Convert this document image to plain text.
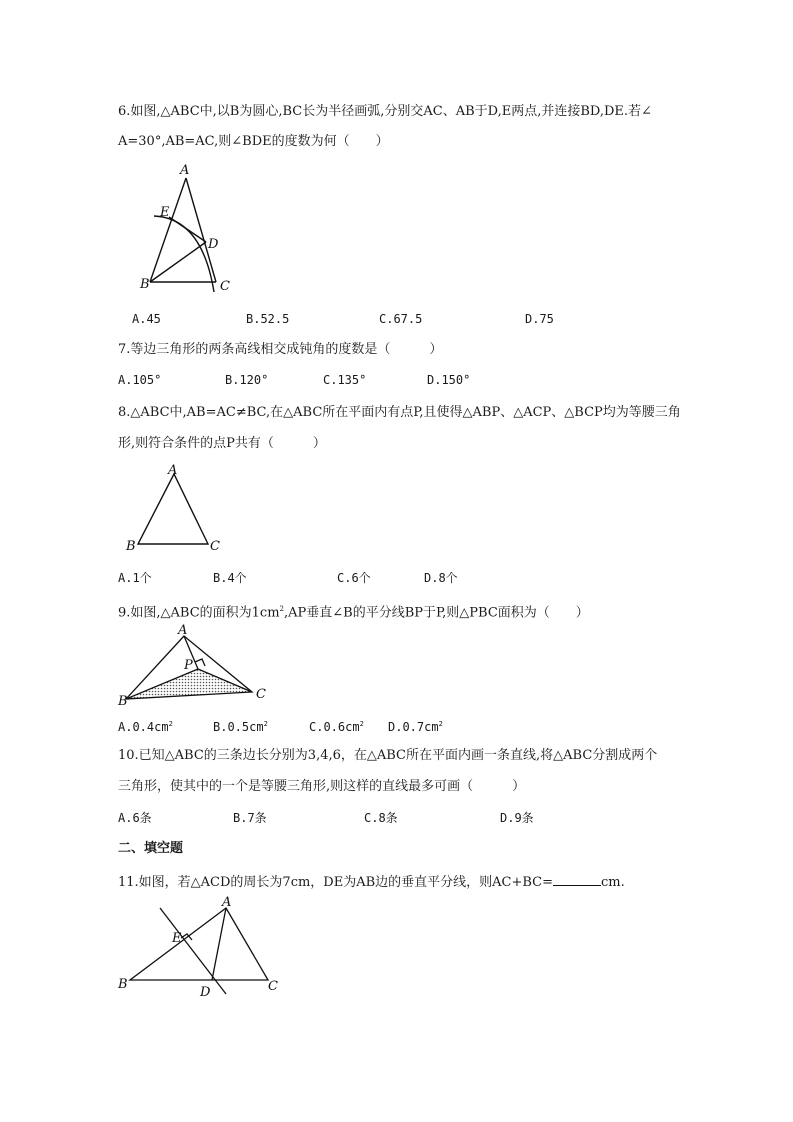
6.如图,△ABC中,以B为圆心,BC长为半径画弧,分别交AC、AB于D,E两点,并连接BD,DE.若∠
A=30°,AB=AC,则∠BDE的度数为何（　　）
A
E
D
B	C
A.45	B.52.5	C.67.5	D.75
7.等边三角形的两条高线相交成钝角的度数是（　　　）
A.105°	B.120°	C.135°	D.150°
8.△ABC中,AB=AC≠BC,在△ABC所在平面内有点P,且使得△ABP、△ACP、△BCP均为等腰三角
形,则符合条件的点P共有（　　　）
A
B	C
A.1个	B.4个	C.6个	D.8个
9.如图,△ABC的面积为$1cm^2,AP$垂直∠B的平分线BP于P,则△PBC面积为（　　）
A
P
B	C
$A.0.4cm^2$	$B.0.5cm^2$	$C.0.6cm^2$ $D.0.7cm^2$
10.已知△ABC的三条边长分别为3,4,6，在△ABC所在平面内画一条直线,将△ABC分割成两个
三角形，使其中的一个是等腰三角形,则这样的直线最多可画（　　　）
A.6条	B.7条	C.8条	D.9条
二、填空题
11.如图，若△ACD的周长为7cm，DE为AB边的垂直平分线，则AC+BC=	cm.
A
E
B
D	C
